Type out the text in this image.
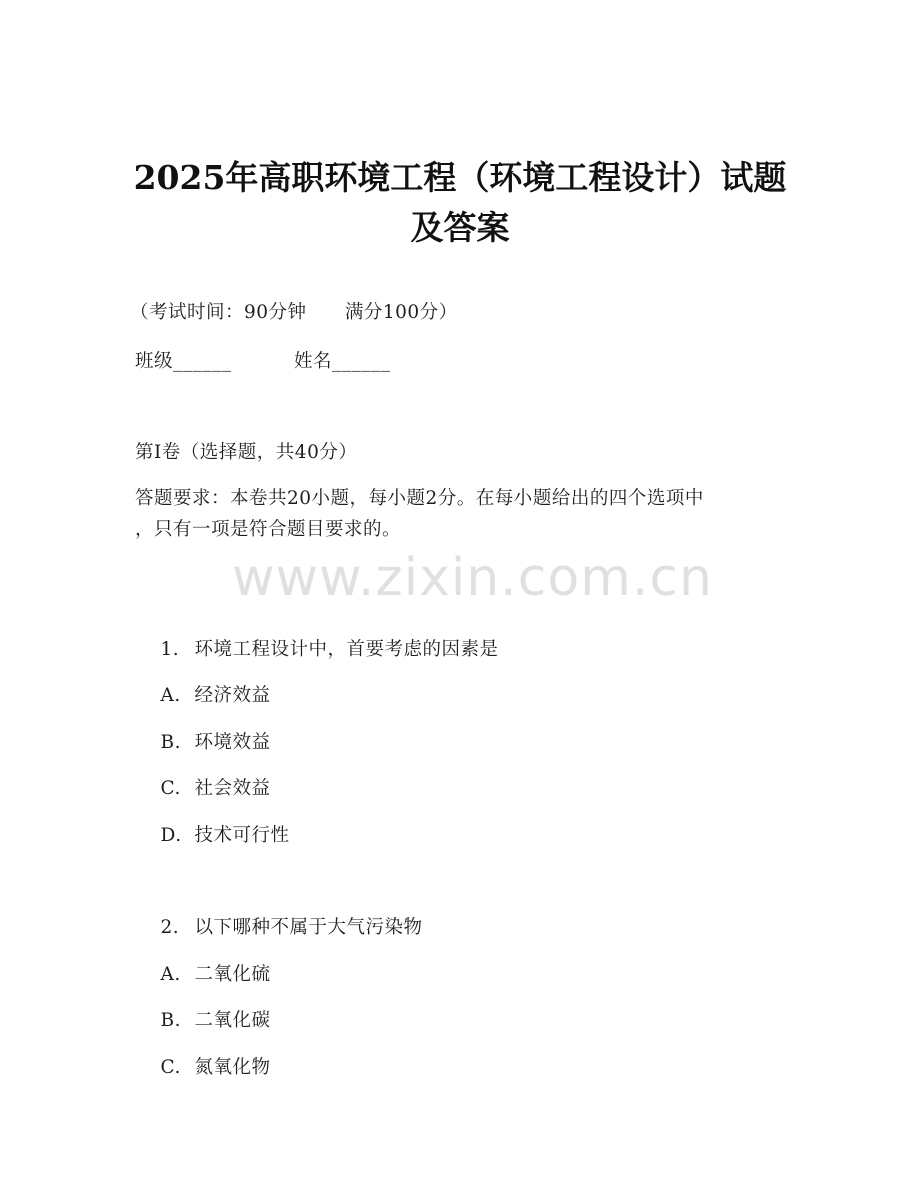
2025年高职环境工程（环境工程设计）试题
及答案
（考试时间：90分钟      满分100分）
班级______	姓名______
第I卷（选择题，共40分）
答题要求：本卷共20小题，每小题2分。在每小题给出的四个选项中
，只有一项是符合题目要求的。
www.zixin.com.cn

1. 环境工程设计中，首要考虑的因素是

A. 经济效益

B. 环境效益

C. 社会效益

D. 技术可行性

2. 以下哪种不属于大气污染物

A. 二氧化硫

B. 二氧化碳

C. 氮氧化物
